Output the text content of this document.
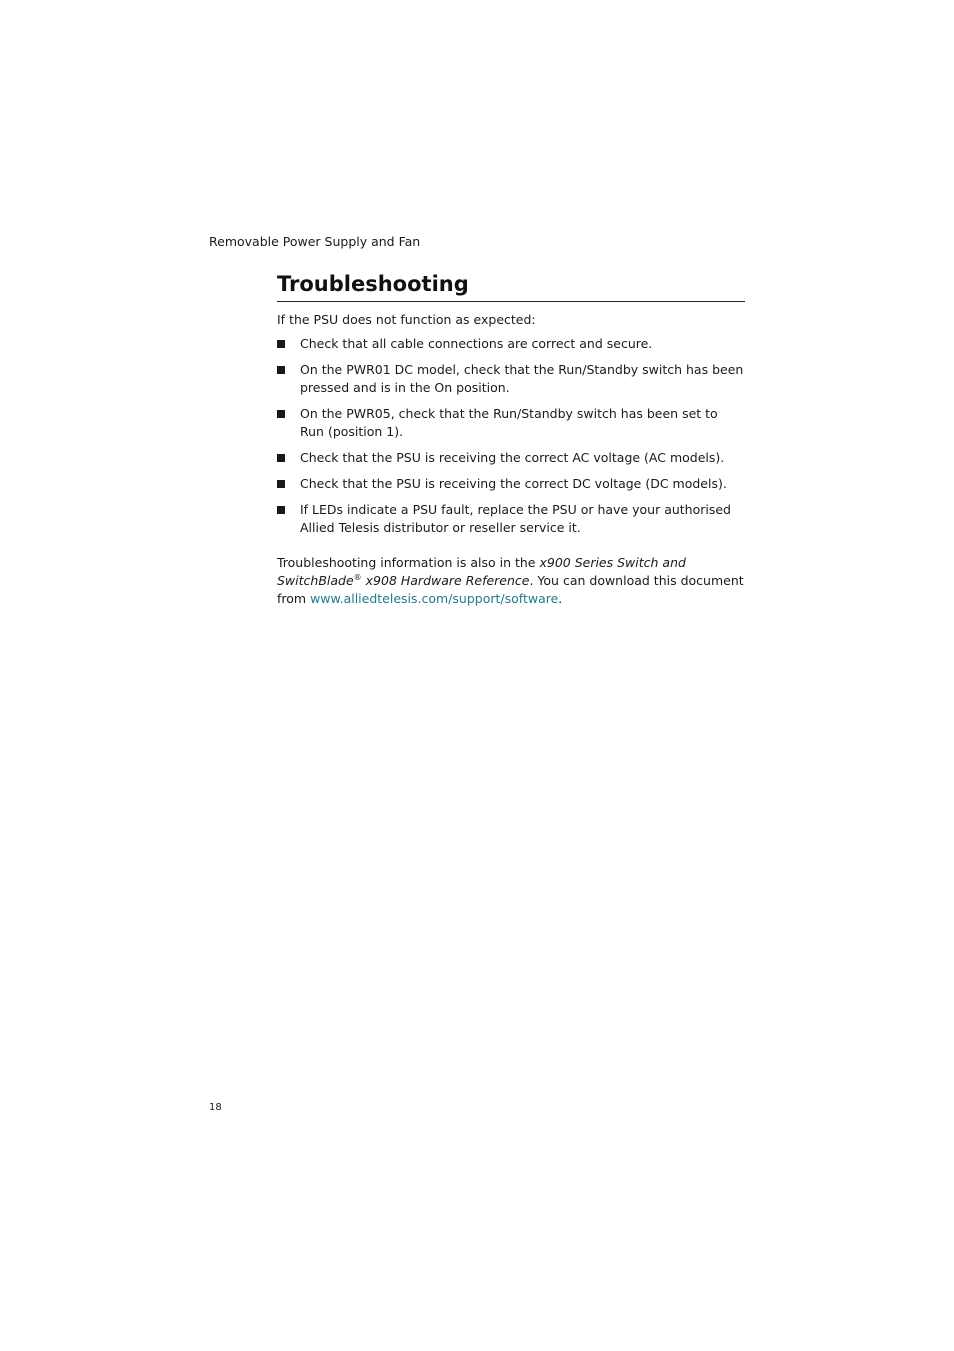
Removable Power Supply and Fan
Troubleshooting

If the PSU does not function as expected:

Check that all cable connections are correct and secure.
On the PWR01 DC model, check that the Run/Standby switch has been pressed and is in the On position.
On the PWR05, check that the Run/Standby switch has been set to Run (position 1).
Check that the PSU is receiving the correct AC voltage (AC models).
Check that the PSU is receiving the correct DC voltage (DC models).
If LEDs indicate a PSU fault, replace the PSU or have your authorised Allied Telesis distributor or reseller service it.

Troubleshooting information is also in the x900 Series Switch and SwitchBlade® x908 Hardware Reference. You can download this document from www.alliedtelesis.com/support/software.

18
